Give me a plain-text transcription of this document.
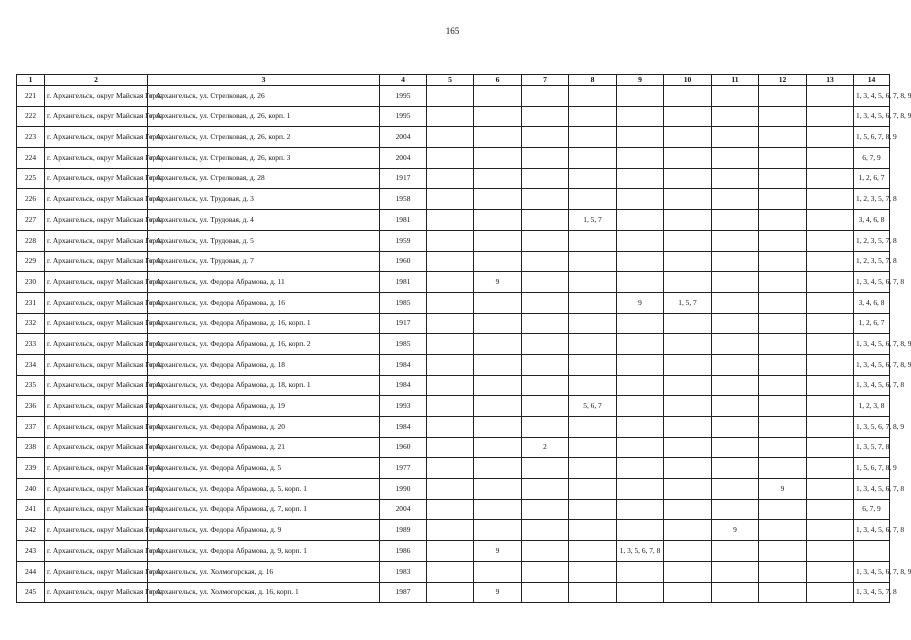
165
1	2	3	4	5	6	7	8	9	10	11	12	13	14
221	г. Архангельск, округ Майская Горка	г. Архангельск, ул. Стрелковая, д. 26	1995										1, 3, 4, 5, 6, 7, 8, 9
222	г. Архангельск, округ Майская Горка	г. Архангельск, ул. Стрелковая, д. 26, корп. 1	1995										1, 3, 4, 5, 6, 7, 8, 9
223	г. Архангельск, округ Майская Горка	г. Архангельск, ул. Стрелковая, д. 26, корп. 2	2004										1, 5, 6, 7, 8, 9
224	г. Архангельск, округ Майская Горка	г. Архангельск, ул. Стрелковая, д. 26, корп. 3	2004										6, 7, 9
225	г. Архангельск, округ Майская Горка	г. Архангельск, ул. Стрелковая, д. 28	1917										1, 2, 6, 7
226	г. Архангельск, округ Майская Горка	г. Архангельск, ул. Трудовая, д. 3	1958										1, 2, 3, 5, 7, 8
227	г. Архангельск, округ Майская Горка	г. Архангельск, ул. Трудовая, д. 4	1981				1, 5, 7						3, 4, 6, 8
228	г. Архангельск, округ Майская Горка	г. Архангельск, ул. Трудовая, д. 5	1959										1, 2, 3, 5, 7, 8
229	г. Архангельск, округ Майская Горка	г. Архангельск, ул. Трудовая, д. 7	1960										1, 2, 3, 5, 7, 8
230	г. Архангельск, округ Майская Горка	г. Архангельск, ул. Федора Абрамова, д. 11	1981		9								1, 3, 4, 5, 6, 7, 8
231	г. Архангельск, округ Майская Горка	г. Архангельск, ул. Федора Абрамова, д. 16	1985					9	1, 5, 7				3, 4, 6, 8
232	г. Архангельск, округ Майская Горка	г. Архангельск, ул. Федора Абрамова, д. 16, корп. 1	1917										1, 2, 6, 7
233	г. Архангельск, округ Майская Горка	г. Архангельск, ул. Федора Абрамова, д. 16, корп. 2	1985										1, 3, 4, 5, 6, 7, 8, 9
234	г. Архангельск, округ Майская Горка	г. Архангельск, ул. Федора Абрамова, д. 18	1984										1, 3, 4, 5, 6, 7, 8, 9
235	г. Архангельск, округ Майская Горка	г. Архангельск, ул. Федора Абрамова, д. 18, корп. 1	1984										1, 3, 4, 5, 6, 7, 8
236	г. Архангельск, округ Майская Горка	г. Архангельск, ул. Федора Абрамова, д. 19	1993				5, 6, 7						1, 2, 3, 8
237	г. Архангельск, округ Майская Горка	г. Архангельск, ул. Федора Абрамова, д. 20	1984										1, 3, 5, 6, 7, 8, 9
238	г. Архангельск, округ Майская Горка	г. Архангельск, ул. Федора Абрамова, д. 21	1960			2							1, 3, 5, 7, 8
239	г. Архангельск, округ Майская Горка	г. Архангельск, ул. Федора Абрамова, д. 5	1977										1, 5, 6, 7, 8, 9
240	г. Архангельск, округ Майская Горка	г. Архангельск, ул. Федора Абрамова, д. 5, корп. 1	1990								9		1, 3, 4, 5, 6, 7, 8
241	г. Архангельск, округ Майская Горка	г. Архангельск, ул. Федора Абрамова, д. 7, корп. 1	2004										6, 7, 9
242	г. Архангельск, округ Майская Горка	г. Архангельск, ул. Федора Абрамова, д. 9	1989							9			1, 3, 4, 5, 6, 7, 8
243	г. Архангельск, округ Майская Горка	г. Архангельск, ул. Федора Абрамова, д. 9, корп. 1	1986		9			1, 3, 5, 6, 7, 8					
244	г. Архангельск, округ Майская Горка	г. Архангельск, ул. Холмогорская, д. 16	1983										1, 3, 4, 5, 6, 7, 8, 9
245	г. Архангельск, округ Майская Горка	г. Архангельск, ул. Холмогорская, д. 16, корп. 1	1987		9								1, 3, 4, 5, 7, 8
